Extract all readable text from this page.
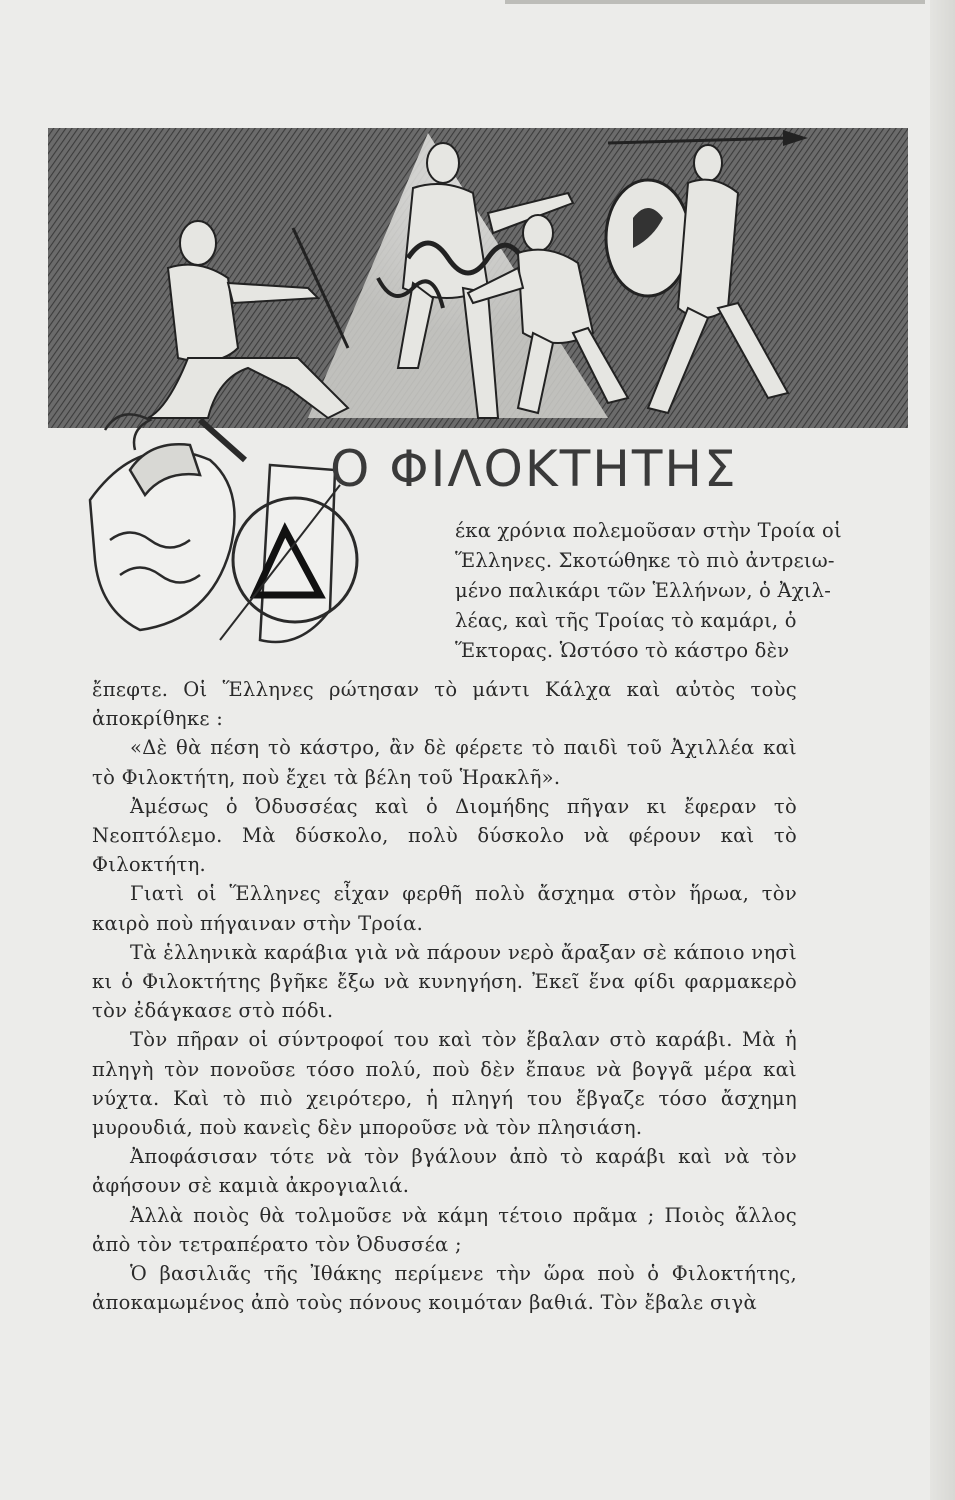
Ο ΦΙΛΟΚΤΗΤΗΣ

έκα χρόνια πολεμοῦσαν στὴν Τροία οἱ

Ἕλληνες. Σκοτώθηκε τὸ πιὸ ἀντρειω-

μένο παλικάρι τῶν Ἑλλήνων, ὁ Ἀχιλ-

λέας, καὶ τῆς Τροίας τὸ καμάρι, ὁ

Ἕκτορας. Ὡστόσο τὸ κάστρο δὲν

ἔπεφτε. Οἱ Ἕλληνες ρώτησαν τὸ μάντι Κάλχα καὶ αὐτὸς τοὺς ἀποκρίθηκε :

«Δὲ θὰ πέση τὸ κάστρο, ἂν δὲ φέρετε τὸ παιδὶ τοῦ Ἀχιλλέα καὶ τὸ Φιλοκτήτη, ποὺ ἔχει τὰ βέλη τοῦ Ἡρακλῆ».

Ἀμέσως ὁ Ὀδυσσέας καὶ ὁ Διομήδης πῆγαν κι ἔφεραν τὸ Νεοπτόλεμο. Μὰ δύσκολο, πολὺ δύσκολο νὰ φέρουν καὶ τὸ Φιλοκτήτη.

Γιατὶ οἱ Ἕλληνες εἶχαν φερθῆ πολὺ ἄσχημα στὸν ἥρωα, τὸν καιρὸ ποὺ πήγαιναν στὴν Τροία.

Τὰ ἑλληνικὰ καράβια γιὰ νὰ πάρουν νερὸ ἄραξαν σὲ κάποιο νησὶ κι ὁ Φιλοκτήτης βγῆκε ἔξω νὰ κυνηγήση. Ἐκεῖ ἕνα φίδι φαρμακερὸ τὸν ἐδάγκασε στὸ πόδι.

Τὸν πῆραν οἱ σύντροφοί του καὶ τὸν ἔβαλαν στὸ καράβι. Μὰ ἡ πληγὴ τὸν πονοῦσε τόσο πολύ, ποὺ δὲν ἔπαυε νὰ βογγᾶ μέρα καὶ νύχτα. Καὶ τὸ πιὸ χειρότερο, ἡ πληγή του ἔβγαζε τόσο ἄσχημη μυρουδιά, ποὺ κανεὶς δὲν μποροῦσε νὰ τὸν πλησιάση.

Ἀποφάσισαν τότε νὰ τὸν βγάλουν ἀπὸ τὸ καράβι καὶ νὰ τὸν ἀφήσουν σὲ καμιὰ ἀκρογιαλιά.

Ἀλλὰ ποιὸς θὰ τολμοῦσε νὰ κάμη τέτοιο πρᾶμα ; Ποιὸς ἄλλος ἀπὸ τὸν τετραπέρατο τὸν Ὀδυσσέα ;

Ὁ βασιλιᾶς τῆς Ἰθάκης περίμενε τὴν ὥρα ποὺ ὁ Φιλοκτήτης, ἀποκαμωμένος ἀπὸ τοὺς πόνους κοιμόταν βαθιά. Τὸν ἔβαλε σιγὰ
